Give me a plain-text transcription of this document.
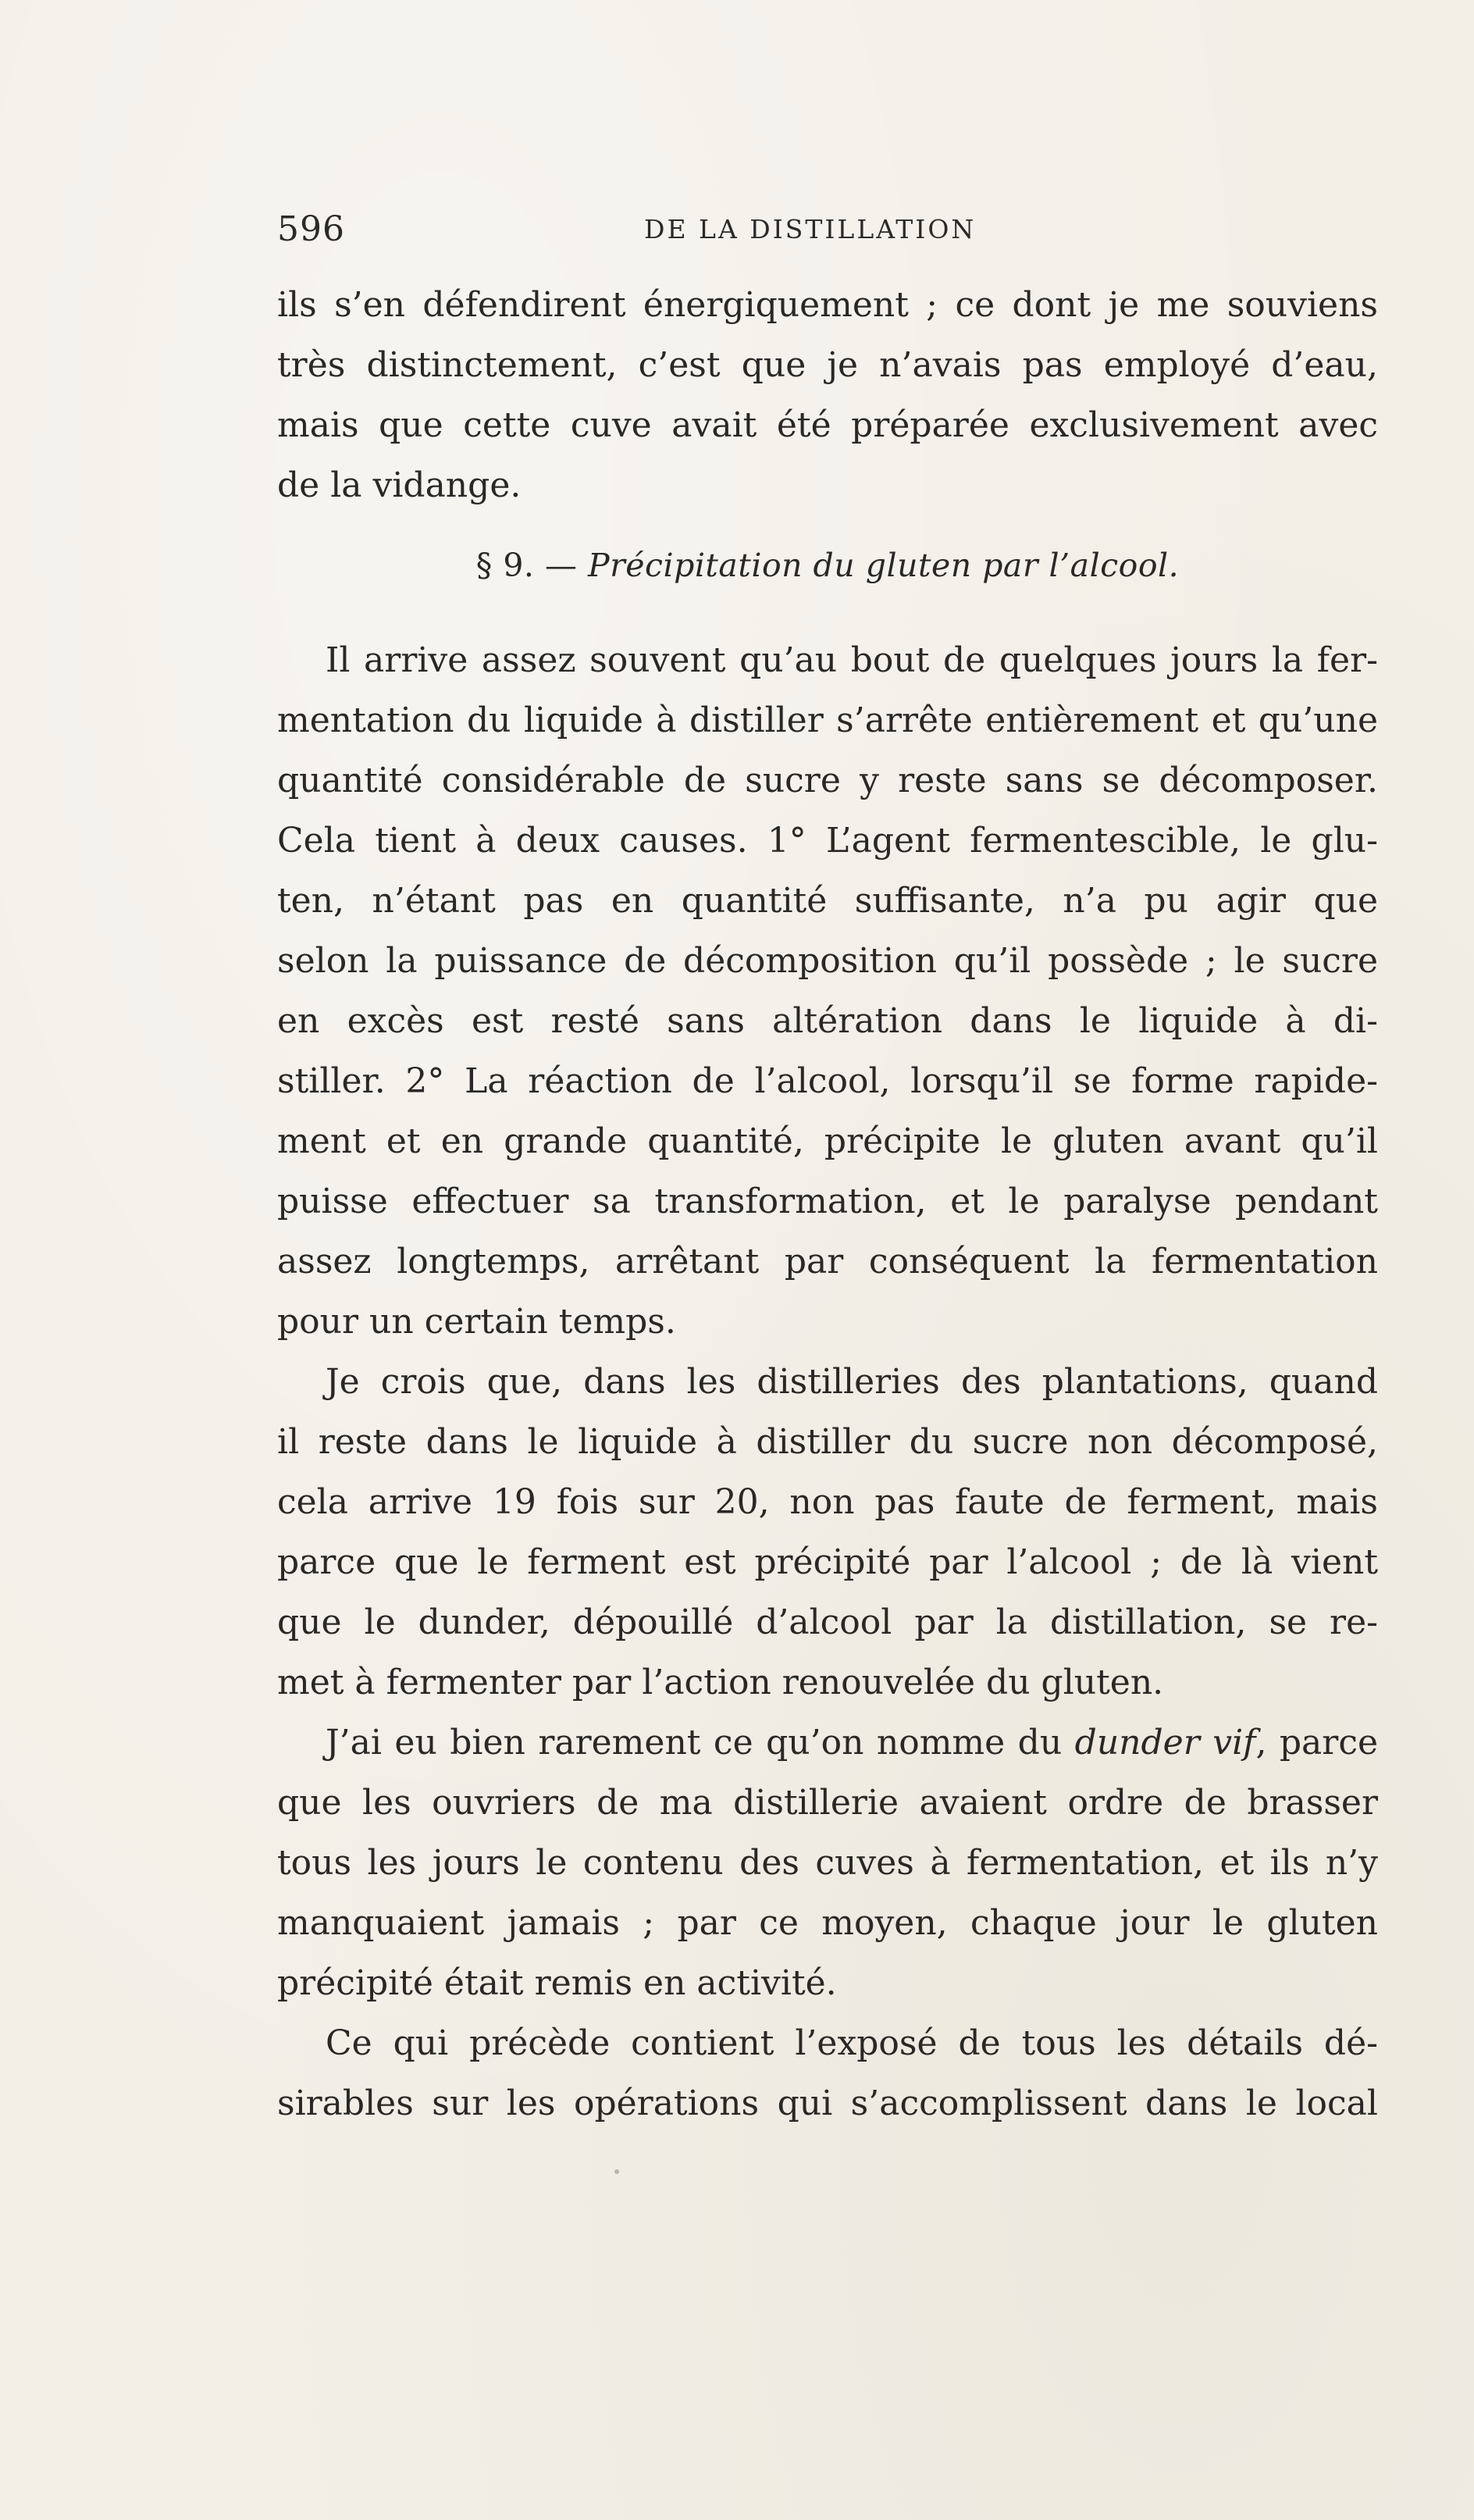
596	DE LA DISTILLATION
ils s’en défendirent énergiquement ; ce dont je me souviens
très distinctement, c’est que je n’avais pas employé d’eau,
mais que cette cuve avait été préparée exclusivement avec
de la vidange.
§ 9. — Précipitation du gluten par l’alcool.
Il arrive assez souvent qu’au bout de quelques jours la fer-
mentation du liquide à distiller s’arrête entièrement et qu’une
quantité considérable de sucre y reste sans se décomposer.
Cela tient à deux causes. 1° L’agent fermentescible, le glu-
ten, n’étant pas en quantité suffisante, n’a pu agir que
selon la puissance de décomposition qu’il possède ; le sucre
en excès est resté sans altération dans le liquide à di-
stiller. 2° La réaction de l’alcool, lorsqu’il se forme rapide-
ment et en grande quantité, précipite le gluten avant qu’il
puisse effectuer sa transformation, et le paralyse pendant
assez longtemps, arrêtant par conséquent la fermentation
pour un certain temps.
Je crois que, dans les distilleries des plantations, quand
il reste dans le liquide à distiller du sucre non décomposé,
cela arrive 19 fois sur 20, non pas faute de ferment, mais
parce que le ferment est précipité par l’alcool ; de là vient
que le dunder, dépouillé d’alcool par la distillation, se re-
met à fermenter par l’action renouvelée du gluten.
J’ai eu bien rarement ce qu’on nomme du dunder vif, parce
que les ouvriers de ma distillerie avaient ordre de brasser
tous les jours le contenu des cuves à fermentation, et ils n’y
manquaient jamais ; par ce moyen, chaque jour le gluten
précipité était remis en activité.
Ce qui précède contient l’exposé de tous les détails dé-
sirables sur les opérations qui s’accomplissent dans le local
